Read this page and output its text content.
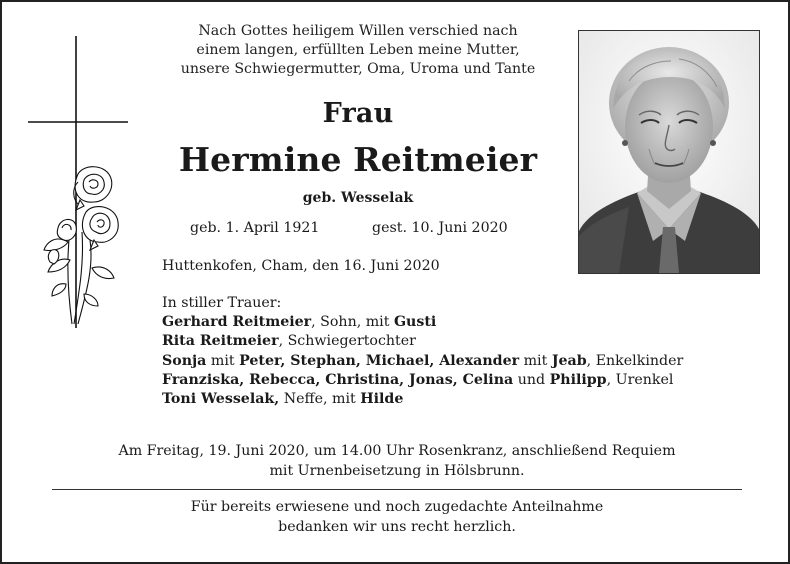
Nach Gottes heiligem Willen verschied nach
einem langen, erfüllten Leben meine Mutter,
unsere Schwiegermutter, Oma, Uroma und Tante
Frau
Hermine Reitmeier
geb. Wesselak
geb. 1. April 1921	gest. 10. Juni 2020
Huttenkofen, Cham, den 16. Juni 2020
In stiller Trauer:
Gerhard Reitmeier, Sohn, mit Gusti
Rita Reitmeier, Schwiegertochter
Sonja mit Peter, Stephan, Michael, Alexander mit Jeab, Enkelkinder
Franziska, Rebecca, Christina, Jonas, Celina und Philipp, Urenkel
Toni Wesselak, Neffe, mit Hilde
Am Freitag, 19. Juni 2020, um 14.00 Uhr Rosenkranz, anschließend Requiem
mit Urnenbeisetzung in Hölsbrunn.
Für bereits erwiesene und noch zugedachte Anteilnahme
bedanken wir uns recht herzlich.
